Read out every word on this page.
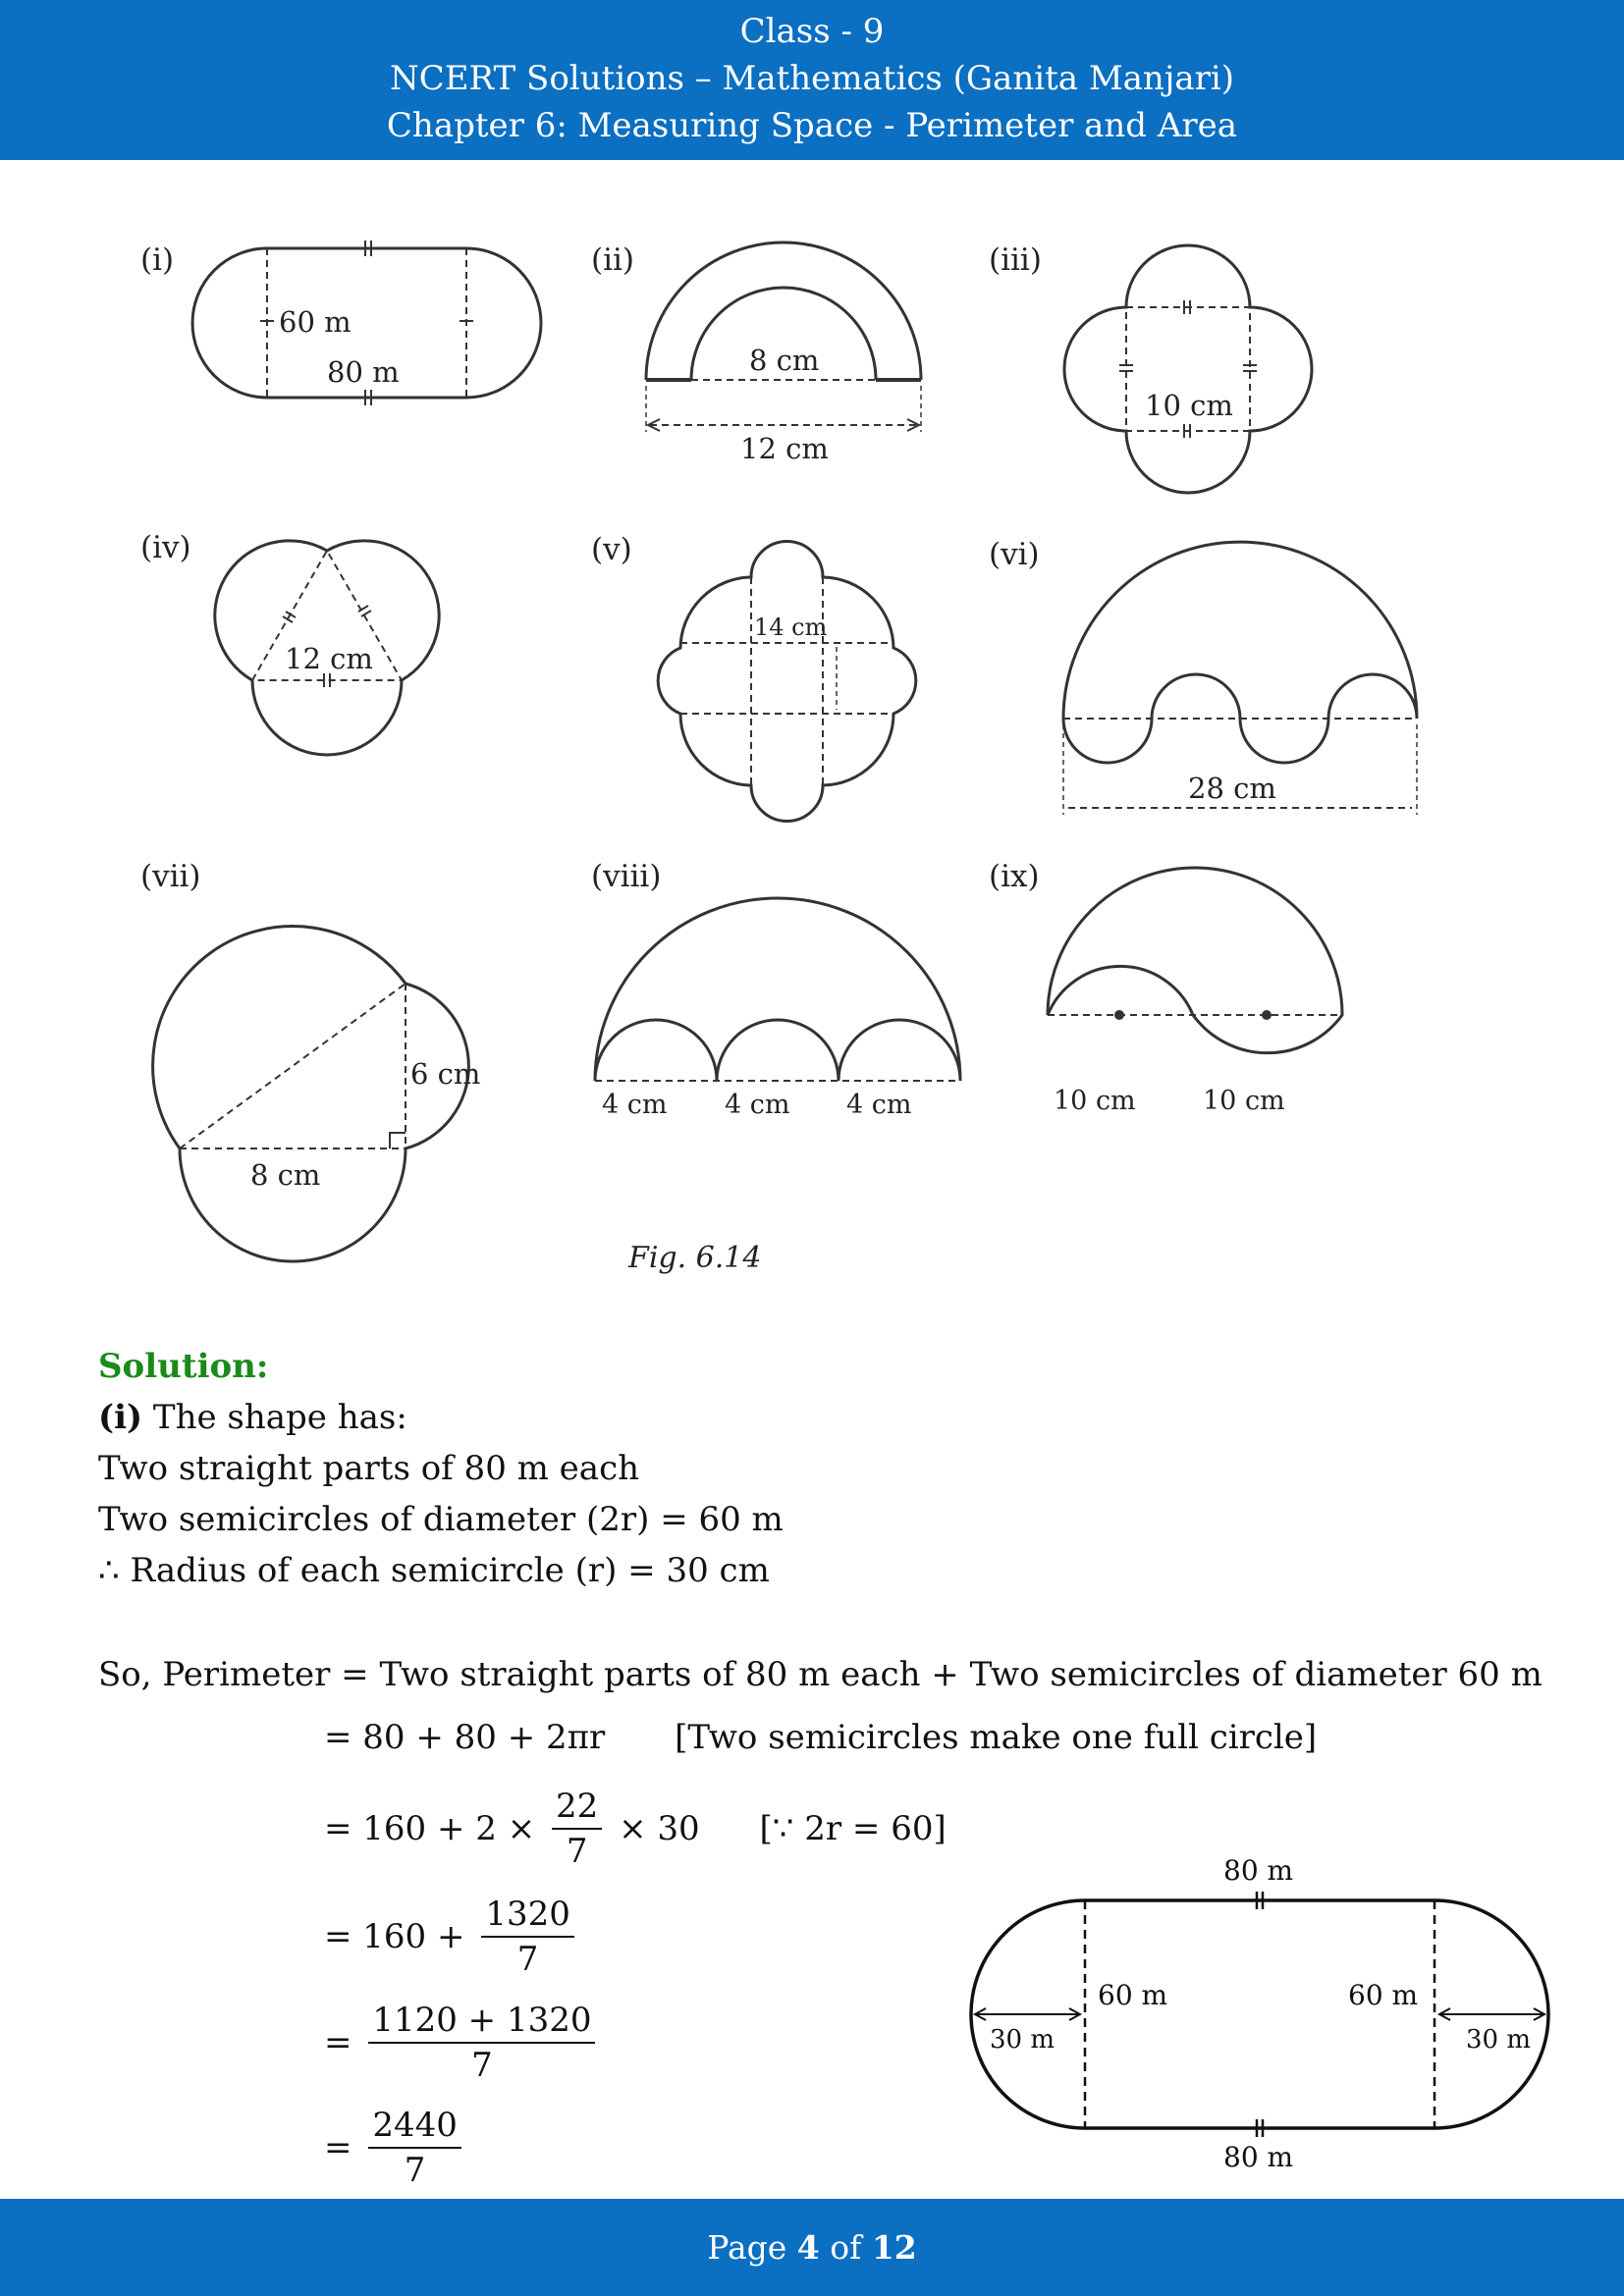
Class - 9
NCERT Solutions – Mathematics (Ganita Manjari)
Chapter 6: Measuring Space - Perimeter and Area
(i)
60 m
80 m
(ii)
8 cm
12 cm
(iii)
10 cm
(iv)
12 cm
(v)
14 cm
(vi)
28 cm
(vii)
6 cm
8 cm
(viii)
4 cm 4 cm 4 cm
(ix)
10 cm	10 cm
Fig. 6.14
Solution:
(i) The shape has:
Two straight parts of 80 m each
Two semicircles of diameter (2r) = 60 m
∴ Radius of each semicircle (r) = 30 cm
So, Perimeter = Two straight parts of 80 m each + Two semicircles of diameter 60 m
= 80 + 80 + 2πr [Two semicircles make one full circle]
= $160 + 2 \times \frac{22}{7} \times 30$ [∵ 2r = 60]
= $160 + \frac{1320}{7}$
= $\frac{1120 + 1320}{7}$
= $\frac{2440}{7}$
80 m
80 m
60 m	60 m
30 m	30 m
Page 4 of 12
